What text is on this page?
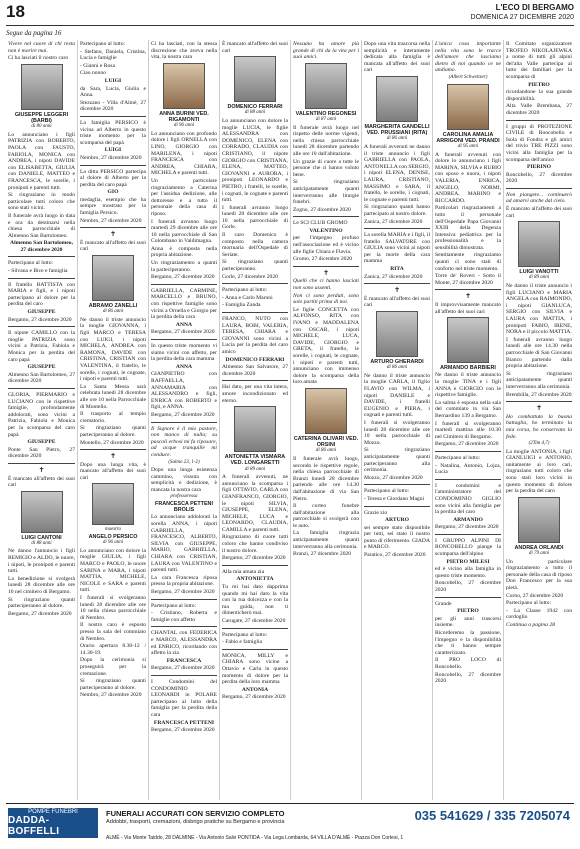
18	L'ECO DI BERGAMO
DOMENICA 27 DICEMBRE 2020
Segue da pagina 16
Vivere nel cuore di chi resta non è morire mai.
Ci ha lasciati il nostro caro
GIUSEPPE LEGGERI (BARBI)
di 80 anni
Lo annunciano i figli PATRIZIA con ROBERTO, PAOLA con FAUSTO, FABIOLA, MONICA con ANDREA, i nipoti DAVIDE con ELISABETTA, GIULIA con DANIELE, MATTEO e FRANCESCA, le sorelle, i pronipoti e parenti tutti.
Si ringraziano in modo particolare tutti coloro che sono stati vicini.
Il funerale avrà luogo in data e ora da destinarsi nella chiesa parrocchiale di Almenno San Bartolomeo.
Almenno San Bartolomeo, 27 dicembre 2020
Partecipano al lutto:
- Silvana e Bice e famiglia
Il fratello BATTISTA con MARIA e figli, e i nipoti partecipano al dolore per la perdita del caro
GIUSEPPE
Bergamo, 27 dicembre 2020
Il nipote CAMILLO con la moglie PATRIZIA sono vicini a Patrizia, Fabiola e Monica per la perdita del caro papà
GIUSEPPE
Almenno San Bartolomeo, 27 dicembre 2020
GLORIA, PIERMARIO e LUCIANO con le rispettive famiglie, profondamente addolorati, sono vicini a Patrizia, Fabiola e Monica per la scomparsa del caro papà
GIUSEPPE
Ponte San Pietro, 27 dicembre 2020
✝
È mancato all'affetto dei suoi cari
LUIGI CANTONI
di 88 anni
Ne danno l'annuncio i figli REMIGIO e ALDO, le nuore, i nipoti, le pronipoti e parenti tutti.
La benedizione si svolgerà lunedì 28 dicembre alle ore 10 nel cimitero di Bergamo.
Si ringraziano quanti parteciperanno al dolore.
Bergamo, 27 dicembre 2020
Partecipano al lutto:
- Stefano, Daniela, Cristina, Lucia e famiglie
- Gianni e Rosa
Ciao nonno
LUIGI
da Sara, Lucia, Giulia e Anna.
Stezzano - Villa d'Almè, 27 dicembre 2020
La famiglia PERSICO è vicina ad Alberto in questo triste momento per la scomparsa del papà
LUIGI
Nembro, 27 dicembre 2020
La ditta PERSICO partecipa al dolore di Alberto per la perdita del caro papà
GIO
medaglia, esempio che ha sempre mostrato per la famiglia Persico.
Nembro, 27 dicembre 2020
✝
È mancato all'affetto dei suoi cari
ABRAMO ZANELLI
di 86 anni
Ne danno il triste annuncio la moglie GIOVANNA, i figli MARCO e TERESA con LUIGI, i nipoti MICHELA, ANDREA con RAMONA, DAVIDE con CRISTINA, CRISTIAN con VALENTINA, il fratello, le sorelle, i cognati, le cognate, i nipoti e parenti tutti.
La Santa Messa sarà celebrata lunedì 28 dicembre alle ore 10 nella Parrocchiale di Montello.
Il trasporto al tempio crematorio.
Si ringraziano quanti parteciperanno al dolore.
Montello, 27 dicembre 2020
✝
Dopo una lunga vita, è mancato all'affetto dei suoi cari
maestro
ANGELO PERSICO
di 96 anni
Lo annunciano con dolore la moglie GIULIA, i figli MARCO e PAOLO, le nuore SABINA e MARA, i nipoti MATTIA, MICHELE, NICOLE e SARA e parenti tutti.
I funerali si svolgeranno lunedì 28 dicembre alle ore 10 nella chiesa parrocchiale di Nembro.
Il nostro caro è esposto presso la sala del commiato di Nembro.
Orario apertura 8.30-12 / 14.30-19.
Dopo la cerimonia si proseguirà per la cremazione.
Si ringraziano quanti parteciperanno al dolore.
Nembro, 27 dicembre 2020
Ci ha lasciati, con la stessa discrezione che aveva nella vita, la nostra cara
ANNA BURINI VED. RIGAMONTI
di 96 anni
Lo annunciano con profondo dolore i figli ORNELLA con LINO, GIORGIO con MARILENA, i nipoti FRANCESCA con ANDREA, CHIARA, MICHELA e parenti tutti.
Un particolare ringraziamento a Caterina per l'assidua dedizione, alle dottoresse e a tutto il personale della casa di riposo.
I funerali avranno luogo martedì 29 dicembre alle ore 10 nella parrocchiale di San Colombano in Valdimagna.
Anna è composta nella propria abitazione.
Un ringraziamento a quanti la parteciperanno.
Bergamo, 27 dicembre 2020
GABRIELLA, CARMINE, MARCELLO e BRUNO, con rispettive famiglie sono vicini a Ornella e Giorgio per la perdita della cara
ANNA
Bergamo, 27 dicembre 2020
In questo triste momento vi siamo vicini con affetto, per la perdita della cara mamma
ANNA
GIANPIETRO con RAFFAELLA, ANNAMARIA con ALESSANDRO e figli, ENRICA con ROBERTO e figli, e ANNA.
Bergamo, 27 dicembre 2020
Il Signore è il mio pastore, non manco di nulla; su pascoli erbosi mi fa riposare, ad acque tranquille mi conduce.
(Salmo 23, 1-2)
Dopo una lunga esistenza cammino, vissuta con semplicità e dedizione, è mancata la nostra cara
professoressa
FRANCESCA PETTENI BROLIS
Lo annunciano addolorati la sorella ANNA, i nipoti GABRIELLA, FRANCESCO, ALBERTO, SILVIA con GIUSEPPE, MARIO, GABRIELLA, CHIARA con CRISTIAN, LAURA con VALENTINO e parenti tutti.
La cara Francesca riposa presso la propria abitazione.
Bergamo, 27 dicembre 2020
Partecipano al lutto:
- Cristiano, Roberta e famiglie con affetto
CHANTAL con FEDERICA e MARCO, ALESSANDRA ed ENRICO, ricordando con affetto la zia
FRANCESCA
Bergamo, 27 dicembre 2020
I Condomini del CONDOMINIO LEONARDI in POLARE partecipano al lutto della famiglia per la perdita della cara
FRANCESCA PETTENI
Bergamo, 27 dicembre 2020
È mancato all'affetto dei suoi cari
DOMENICO FERRARI
di 88 anni
Lo annunciano con dolore la moglie LUCIA, le figlie ALESSANDRA con DOMENICO, ELENA con CORRADO, CLAUDIA con CRISTIANO, il nipote GIORGIO con CRISTIANA, ELENA, MATTEO, GIOVANNI e AURORA, i pronipoti LEONARDO e PIETRO, i fratelli, le sorelle, i cognati, le cognate e parenti tutti.
I funerali avranno luogo lunedì 28 dicembre alle ore 10 nella parrocchiale di Gorle.
Il caro Domenico è composto nella camera mortuaria dell'Ospedale di Seriate.
Si ringraziano quanti parteciperanno.
Gorle, 27 dicembre 2020
Partecipano al lutto:
- Anna e Carlo Maroni
- Famiglia Zanda
FRANCO, NUTO con LAURA, BOBI, VALERIA, TERESA, CHIARA e GIOVANNI sono vicini a Lucia per la perdita del caro amico
DOMENICO FERRARI
Almenno San Salvatore, 27 dicembre 2020
Hai dato, per una vita intera, amore incondizionato ed eterno.
ANTONIETTA VISMARA VED. LONGARETTI
di 89 anni
A funerali avvenuti, ne annunciano la scomparsa i figli OTTAVIO, CARLA con GIANFRANCO, GIORGIO, le nipoti SILVIA, GIUSEPPE, ELENA, MICHELE, LUCA e LEONARDO, CLAUDIA, CAMILLA e parenti tutti.
Ringraziamo di cuore tutti coloro che hanno condiviso il nostro dolore.
Bergamo, 27 dicembre 2020
Alla mia amata zia
ANTONIETTA
Tu mi hai dato dapprima quando mi hai dato la vita con la tua dolcezza e con la tua guida, non ti dimenticherò mai.
Carugate, 27 dicembre 2020
Partecipano al lutto:
- Fabio e famiglia
MONICA, MILLY e CHIARA sono vicine a Ottavio e Carla in questo momento di dolore per la perdita della loro mamma
ANTONIA
Bergamo, 27 dicembre 2020
Nessuno ha amore più grande di chi da la vita per i suoi amici.
VALENTINO REGONESI
di 87 anni
Il funerale avrà luogo nel rispetto delle norme vigenti, nella chiesa parrocchiale lunedì 28 dicembre partendo alle ore 10 dall'abitazione.
Un grazie di cuore a tutte le persone che ci hanno voluto bene.
Si ringraziano anticipatamente quanti interverranno alle liturgie funebri.
Zogno, 27 dicembre 2020
Le SCI CLUB GROMO
VALENTINO
per l'impegno profuso nell'associazione ed è vicino alle figlie Chiara e Flavia.
Gromo, 27 dicembre 2020
✝
Quelli che ci hanno lasciati non sono assenti.
Non ci sono perduti, sono solo partiti prima di noi.
Le figlie CONCETTA con ALFONSO, RITA con IVANO e MADDALENA con OSCAR, i nipoti MICHELE, LUCA, DAVIDE, GIORGIO e GRETA, il fratello, le sorelle, i cognati, le cognate, i nipoti e parenti tutti, annunciano con immenso dolore la scomparsa della loro amata
CATERINA OLIVARI VED. ORSINI
di 86 anni
Il funerale avrà luogo, secondo le rispettive regole, nella chiesa parrocchiale di Branzi lunedì 28 dicembre partendo alle ore 14.30 dall'abitazione di via San Pietro.
Il corteo funebre dall'abitazione alla parrocchiale si svolgerà con le auto.
La famiglia ringrazia anticipatamente quanti interverranno alla cerimonia.
Branzi, 27 dicembre 2020
Dopo una vita trascorsa nella semplicità e interamente dedicata alla famiglia è mancata all'affetto dei suoi cari
MARGHERITA GANDELLI VED. PRUSSIANI (RITA)
di 86 anni
A funerali avvenuti ne danno il triste annuncio i figli GABRIELLA con PAOLA, ANTONELLA con SERGIO, i nipoti ELENA, DENISE, LAURA, CRISTIANO, MASSIMO e SARA, il fratello, le sorelle, i cognati, le cognate e parenti tutti.
Si ringraziano quanti hanno partecipato al nostro dolore.
Zanica, 27 dicembre 2020
La sorella MARIA e i figli, il fratello SALVATORE con GIULIA sono vicini ai nipoti per la morte della cara mamma
RITA
Zanica, 27 dicembre 2020
✝
È mancato all'affetto dei suoi cari
ARTURO GHERARDI
di 86 anni
Ne danno il triste annuncio la moglie CARLA, il figlio FLAVIO con WILMA, i nipoti DANIELE e DAVIDE, i fratelli EUGENIO e PIERA, i cognati e parenti tutti.
I funerali si svolgeranno lunedì 28 dicembre alle ore 10 nella parrocchiale di Mozzo.
Si ringraziano anticipatamente quanti parteciperanno alla cerimonia.
Mozzo, 27 dicembre 2020
Partecipano al lutto:
- Teresa e Giordano Magni
Grazie zio
ARTURO
sei sempre stato disponibile per tutti, sei stato il nostro punto di riferimento. GIADA e MARCO.
Paratico, 27 dicembre 2020
L'unica cosa importante nella vita sono le tracce dell'amore che lasciamo dietro di noi quando ce ne andiamo.
(Albert Schweitzer)
CAROLINA AMALIA ARRIGONI VED. PRANDI
di 95 anni
A funerali avvenuti con dolore lo annunciano i figli MARINA, SILVIA e RUBIO con sposo e nuora, i nipoti VALERIA, ENRICA, ANGELO, NORMI, ANDREA, MARINO e RICCARDO.
Particolari ringraziamenti a tutto il personale dell'Ospedale Papa Giovanni XXIII della Degenza Intensiva pediatrica per la professionalità e la sensibilità dimostrata.
Sentitamente ringraziamo quanti ci sono stati di conforto nel triste momento.
Torre de' Roveri - Sotto il Monte, 27 dicembre 2020
✝
Il improvvisamente mancato all'affetto dei suoi cari
ARMANDO BARBIERI
Ne danno il triste annuncio la moglie TINA e i figli ANNA e GIORGIO con le rispettive famiglie.
La salma è esposta nella sala del commiato in via San Bernardino 139 a Bergamo.
I funerali si svolgeranno martedì mattina alle 10.30 nel Cimitero di Bergamo.
Bergamo, 27 dicembre 2020
Partecipano al lutto:
- Natalina, Antonio, Lojza, Lucia
I condomini e l'amministratore del CONDOMINIO GIGLIO sono vicini alla famiglia per la perdita del caro
ARMANDO
Bergamo, 27 dicembre 2020
I GRUPPO ALPINI DI RONCOBELLO piange la scomparsa dell'alpino
PIETRO MILESI
ed è vicino alla famiglia in questo triste momento.
Roncobello, 27 dicembre 2020
Grande
PIETRO
per gli anni trascorsi insieme.
Ricorderemo la passione, l'impegno e la disponibilità che ti hanno sempre caratterizzato.
Il PRO LOCO di Roncobello.
Roncobello, 27 dicembre 2020
Il Comitato organizzatore TROFEO NIKOLAJEWKA a nome di tutti gli alpini del'alta Valle partecipa al lutto dei familiari per la scomparsa di
PIETRO
ricordandone la sua grande disponibilità.
Alta Valle Brembana, 27 dicembre 2020
I gruppi di PROTEZIONE CIVILE di Roncobello e Isola di Fondra e gli amici del trivio TRE PIZZI sono vicini alla famiglia per la scomparsa dell'amico
PIERINO
Roncobello, 27 dicembre 2020
Non piangete... continuerò ad amarvi anche dal cielo.
È mancato all'affetto dei suoi cari
LUIGI VANOTTI
di 89 anni
Ne danno il triste annuncio i figli LUCIANO e MARIA ANGELA con RAIMONDO, i nipoti GIANLUCA, SERGIO con SILVIA e LAURA con MATTIA, i pronipoti FABIO, IRENE, NORA e il piccolo MATTIA.
I funerali avranno luogo lunedì alle ore 14.30 nella parrocchiale di San Giovanni Bianco partendo dalla propria abitazione.
Si ringraziano anticipatamente quanti interverranno alla cerimonia.
Brembilla, 27 dicembre 2020
✝
Ho combattuto la buona battaglia, ho terminato la mia corsa, ho conservato la fede.
(2Tim 4,7)
La moglie ANTONIA, i figli GIANLUIGI e ANTONIO, unitamente ai loro cari, ringraziano tutti coloro che sono stati loro vicini in questo momento di dolore per la perdita del caro
ANDREA ORLANDI
di 79 anni
Un particolare ringraziamento a tutto il personale della casa di riposo Don Francesco per la sua pietà.
Curno, 27 dicembre 2020
Partecipano al lutto:
- La Classe 1942 con cordoglio
Continua a pagina 28
POMPE FUNEBRI
DADDA-BOFFELLI
FUNERALI ACCURATI CON SERVIZIO COMPLETO
Addobbi, trasporti, cremazioni, disbrigo pratiche su Bergamo e provincia	035 541629 / 335 7205074
ALMÈ - Via Monte Taiddo, 28 DALMINE - Via Antonio Salvi PONTIDA - Via Lega Lombarda, 64 VILLA D'ALMÈ - Piazza Don Cortesi, 1
